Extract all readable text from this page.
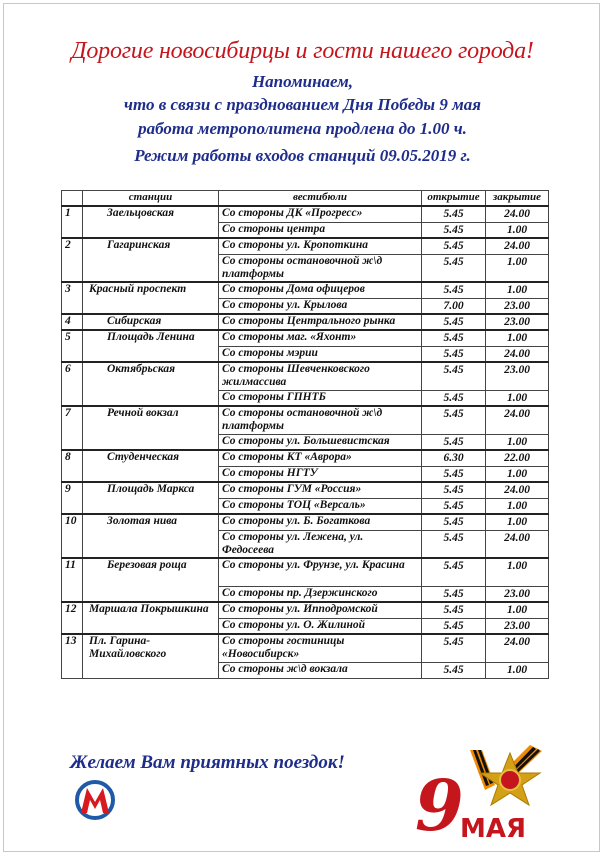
Дорогие новосибирцы и гости нашего города!
Напоминаем,
что в связи с празднованием Дня Победы 9 мая
работа метрополитена продлена до 1.00 ч.
Режим работы входов станций 09.05.2019 г.
	станции	вестибюли	открытие	закрытие
1	Заельцовская	Со стороны ДК «Прогресс»	5.45	24.00
		Со стороны центра	5.45	1.00
2	Гагаринская	Со стороны ул. Кропоткина	5.45	24.00
		Со стороны остановочной ж\д платформы	5.45	1.00
3	Красный проспект	Со стороны Дома офицеров	5.45	1.00
		Со стороны ул. Крылова	7.00	23.00
4	Сибирская	Со стороны Центрального рынка	5.45	23.00
5	Площадь Ленина	Со стороны маг. «Яхонт»	5.45	1.00
		Со стороны мэрии	5.45	24.00
6	Октябрьская	Со стороны Шевченковского жилмассива	5.45	23.00
		Со стороны ГПНТБ	5.45	1.00
7	Речной вокзал	Со стороны остановочной ж\д платформы	5.45	24.00
		Со стороны ул. Большевистская	5.45	1.00
8	Студенческая	Со стороны КТ «Аврора»	6.30	22.00
		Со стороны НГТУ	5.45	1.00
9	Площадь Маркса	Со стороны ГУМ «Россия»	5.45	24.00
		Со стороны ТОЦ «Версаль»	5.45	1.00
10	Золотая нива	Со стороны ул. Б. Богаткова	5.45	1.00
		Со стороны ул. Лежена, ул. Федосеева	5.45	24.00
11	Березовая роща	Со стороны ул. Фрунзе, ул. Красина	5.45	1.00
		Со стороны пр. Дзержинского	5.45	23.00
12	Маршала Покрышкина	Со стороны ул. Ипподромской	5.45	1.00
		Со стороны ул. О. Жилиной	5.45	23.00
13	Пл. Гарина-Михайловского	Со стороны гостиницы «Новосибирск»	5.45	24.00
		Со стороны ж\д вокзала	5.45	1.00
Желаем Вам приятных поездок!
9
МАЯ
